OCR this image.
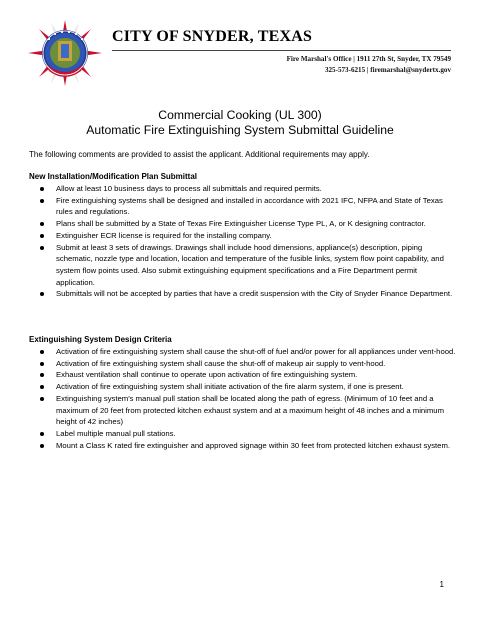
CITY OF SNYDER, TEXAS
Fire Marshal's Office | 1911 27th St, Snyder, TX 79549
325-573-6215 | firemarshal@snydertx.gov
Commercial Cooking (UL 300)
Automatic Fire Extinguishing System Submittal Guideline
The following comments are provided to assist the applicant. Additional requirements may apply.
New Installation/Modification Plan Submittal
Allow at least 10 business days to process all submittals and required permits.
Fire extinguishing systems shall be designed and installed in accordance with 2021 IFC, NFPA and State of Texas rules and regulations.
Plans shall be submitted by a State of Texas Fire Extinguisher License Type PL, A, or K designing contractor.
Extinguisher ECR license is required for the installing company.
Submit at least 3 sets of drawings. Drawings shall include hood dimensions, appliance(s) description, piping schematic, nozzle type and location, location and temperature of the fusible links, system flow point capability, and system flow points used. Also submit extinguishing equipment specifications and a Fire Department permit application.
Submittals will not be accepted by parties that have a credit suspension with the City of Snyder Finance Department.
Extinguishing System Design Criteria
Activation of fire extinguishing system shall cause the shut-off of fuel and/or power for all appliances under vent-hood.
Activation of fire extinguishing system shall cause the shut-off of makeup air supply to vent-hood.
Exhaust ventilation shall continue to operate upon activation of fire extinguishing system.
Activation of fire extinguishing system shall initiate activation of the fire alarm system, if one is present.
Extinguishing system's manual pull station shall be located along the path of egress. (Minimum of 10 feet and a maximum of 20 feet from protected kitchen exhaust system and at a maximum height of 48 inches and a minimum height of 42 inches)
Label multiple manual pull stations.
Mount a Class K rated fire extinguisher and approved signage within 30 feet from protected kitchen exhaust system.
1
